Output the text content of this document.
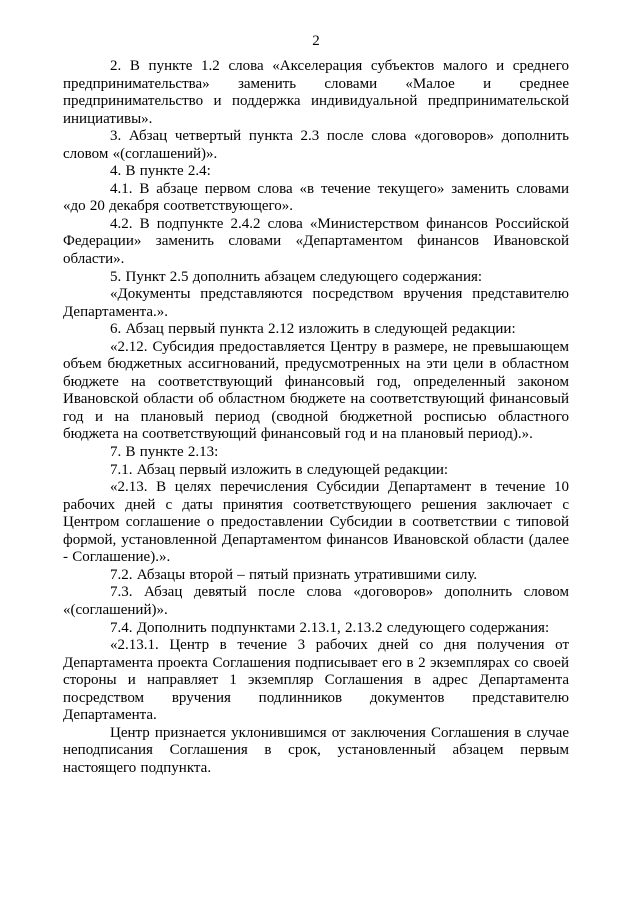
2

2. В пункте 1.2 слова «Акселерация субъектов малого и среднего предпринимательства» заменить словами «Малое и среднее предпринимательство и поддержка индивидуальной предпринимательской инициативы».

3. Абзац четвертый пункта 2.3 после слова «договоров» дополнить словом «(соглашений)».

4. В пункте 2.4:

4.1. В абзаце первом слова «в течение текущего» заменить словами «до 20 декабря соответствующего».

4.2. В подпункте 2.4.2 слова «Министерством финансов Российской Федерации» заменить словами «Департаментом финансов Ивановской области».

5. Пункт 2.5 дополнить абзацем следующего содержания:

«Документы представляются посредством вручения представителю Департамента.».

6. Абзац первый пункта 2.12 изложить в следующей редакции:

«2.12. Субсидия предоставляется Центру в размере, не превышающем объем бюджетных ассигнований, предусмотренных на эти цели в областном бюджете на соответствующий финансовый год, определенный законом Ивановской области об областном бюджете на соответствующий финансовый год и на плановый период (сводной бюджетной росписью областного бюджета на соответствующий финансовый год и на плановый период).».

7. В пункте 2.13:

7.1. Абзац первый изложить в следующей редакции:

«2.13. В целях перечисления Субсидии Департамент в течение 10 рабочих дней с даты принятия соответствующего решения заключает с Центром соглашение о предоставлении Субсидии в соответствии с типовой формой, установленной Департаментом финансов Ивановской области (далее - Соглашение).».

7.2. Абзацы второй – пятый признать утратившими силу.

7.3. Абзац девятый после слова «договоров» дополнить словом «(соглашений)».

7.4. Дополнить подпунктами 2.13.1, 2.13.2 следующего содержания:

«2.13.1. Центр в течение 3 рабочих дней со дня получения от Департамента проекта Соглашения подписывает его в 2 экземплярах со своей стороны и направляет 1 экземпляр Соглашения в адрес Департамента посредством вручения подлинников документов представителю Департамента.

Центр признается уклонившимся от заключения Соглашения в случае неподписания Соглашения в срок, установленный абзацем первым настоящего подпункта.
